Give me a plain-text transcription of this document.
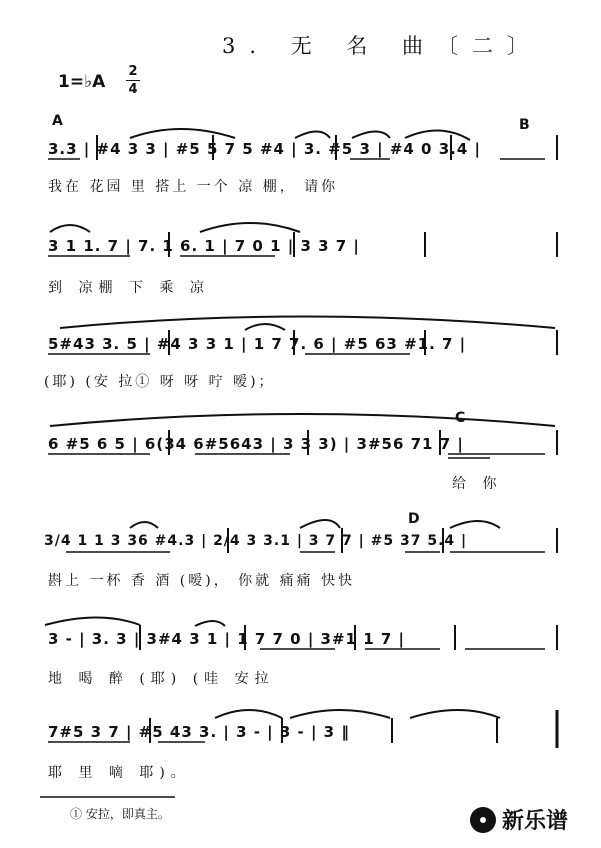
3. 无 名 曲〔二〕
1=♭A
2
4
A	B
C
D
3.3 | #4 3 3 | #5 5 7 5 #4 | 3. #5 3 | #4 0 3.4 |
我在 花园 里 搭上 一个 凉 棚， 请你
3 1 1. 7 | 7. 1 6. 1 | 7 0 1 | 3 3 7 |
到 凉棚 下 乘 凉
5#43 3. 5 | #4 3 3 1 | 1 7 7. 6 | #5 63 #1. 7 |
(耶) (安 拉① 呀 呀 咛 嗳)；
6 #5 6 5 | 6(34 6#5643 | 3 3 3) | 3#56 71 7 |
给 你
3/4 1 1 3 36 #4.3 | 2/4 3 3.1 | 3 7 7 | #5 37 5.4 |
斟上 一杯 香 酒 (嗳)， 你就 痛痛 快快
3 - | 3. 3 | 3#4 3 1 | 1 7 7 0 | 3#1 1 7 |
地 喝 醉 (耶) (哇 安拉
7#5 3 7 | #5 43 3. | 3 - | 3 - | 3 ‖
耶 里 嘀 耶)。
① 安拉，即真主。	新乐谱
